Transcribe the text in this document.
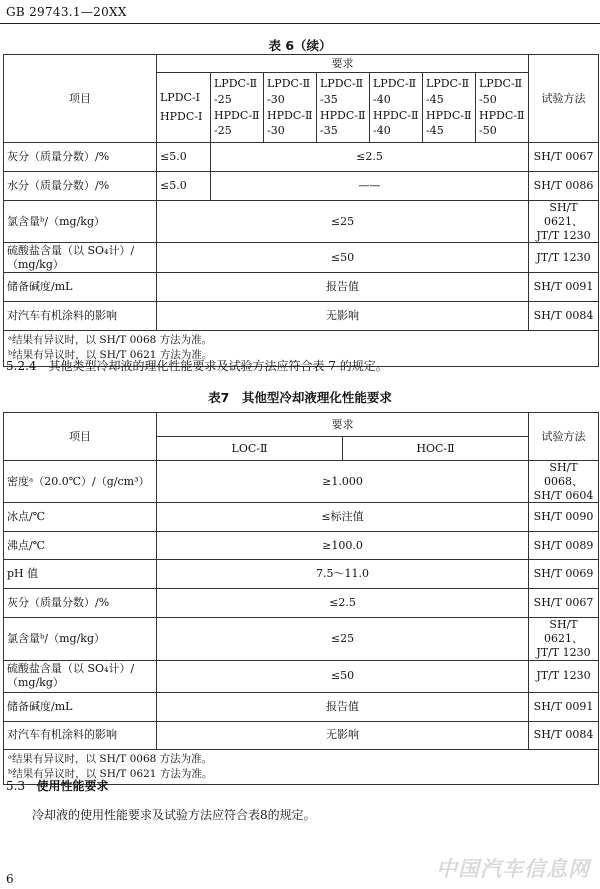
GB 29743.1—20XX
表 6（续）
项目	要求							试验方法

	LPDC-Ⅰ
HPDC-Ⅰ	LPDC-Ⅱ
-25
HPDC-Ⅱ
-25	LPDC-Ⅱ
-30
HPDC-Ⅱ
-30	LPDC-Ⅱ
-35
HPDC-Ⅱ
-35	LPDC-Ⅱ
-40
HPDC-Ⅱ
-40	LPDC-Ⅱ
-45
HPDC-Ⅱ
-45	LPDC-Ⅱ
-50
HPDC-Ⅱ
-50	

灰分（质量分数）/%	≤5.0	≤2.5						SH/T 0067
水分（质量分数）/%	≤5.0	——						SH/T 0086
氯含量ᵇ/（mg/kg）	≤25							SH/T 0621、
JT/T 1230

硫酸盐含量（以 SO₄计）/
（mg/kg）	≤50							JT/T 1230
储备碱度/mL	报告值							SH/T 0091
对汽车有机涂料的影响	无影响							SH/T 0084

ᵃ结果有异议时，以 SH/T 0068 方法为准。
ᵇ结果有异议时，以 SH/T 0621 方法为准。								
5.2.4　其他类型冷却液的理化性能要求及试验方法应符合表 7 的规定。
表7　其他型冷却液理化性能要求
项目	要求		试验方法
	LOC-Ⅱ	HOC-Ⅱ	
密度ᵃ（20.0℃）/（g/cm³）	≥1.000		SH/T 0068、
SH/T 0604

冰点/℃	≤标注值		SH/T 0090
沸点/℃	≥100.0		SH/T 0089
pH 值	7.5～11.0		SH/T 0069
灰分（质量分数）/%	≤2.5		SH/T 0067
氯含量ᵇ/（mg/kg）	≤25		SH/T 0621、
JT/T 1230

硫酸盐含量（以 SO₄计）/
（mg/kg）	≤50		JT/T 1230
储备碱度/mL	报告值		SH/T 0091
对汽车有机涂料的影响	无影响		SH/T 0084

ᵃ结果有异议时，以 SH/T 0068 方法为准。
ᵇ结果有异议时，以 SH/T 0621 方法为准。			
5.3 使用性能要求
冷却液的使用性能要求及试验方法应符合表8的规定。
6	中国汽车信息网
